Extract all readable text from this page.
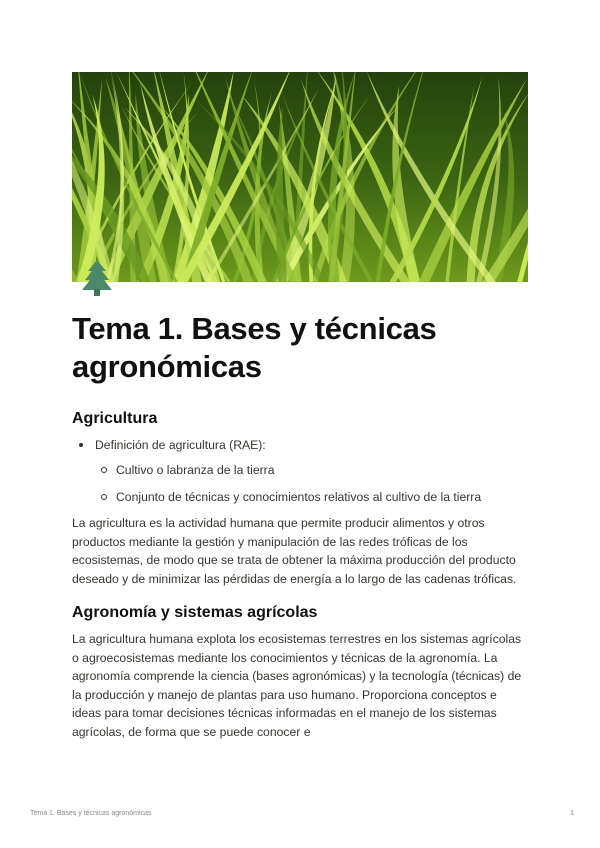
Tema 1. Bases y técnicas agronómicas
Agricultura
Definición de agricultura (RAE):
Cultivo o labranza de la tierra
Conjunto de técnicas y conocimientos relativos al cultivo de la tierra

La agricultura es la actividad humana que permite producir alimentos y otros productos mediante la gestión y manipulación de las redes tróficas de los ecosistemas, de modo que se trata de obtener la máxima producción del producto deseado y de minimizar las pérdidas de energía a lo largo de las cadenas tróficas.

Agronomía y sistemas agrícolas

La agricultura humana explota los ecosistemas terrestres en los sistemas agrícolas o agroecosistemas mediante los conocimientos y técnicas de la agronomía. La agronomía comprende la ciencia (bases agronómicas) y la tecnología (técnicas) de la producción y manejo de plantas para uso humano. Proporciona conceptos e ideas para tomar decisiones técnicas informadas en el manejo de los sistemas agrícolas, de forma que se puede conocer e

Tema 1. Bases y técnicas agronómicas	1
